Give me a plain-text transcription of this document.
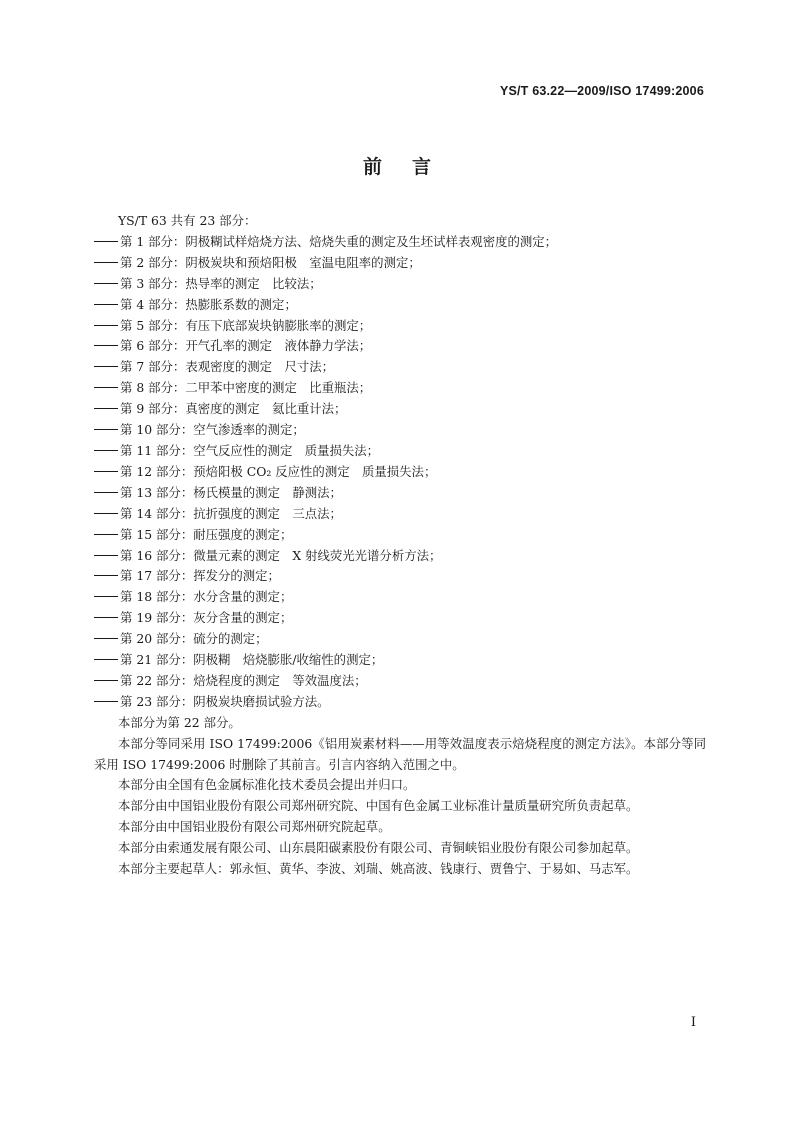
YS/T 63.22—2009/ISO 17499:2006
前言
YS/T 63 共有 23 部分：
第 1 部分：阴极糊试样焙烧方法、焙烧失重的测定及生坯试样表观密度的测定；
第 2 部分：阴极炭块和预焙阳极　室温电阻率的测定；
第 3 部分：热导率的测定　比较法；
第 4 部分：热膨胀系数的测定；
第 5 部分：有压下底部炭块钠膨胀率的测定；
第 6 部分：开气孔率的测定　液体静力学法；
第 7 部分：表观密度的测定　尺寸法；
第 8 部分：二甲苯中密度的测定　比重瓶法；
第 9 部分：真密度的测定　氦比重计法；
第 10 部分：空气渗透率的测定；
第 11 部分：空气反应性的测定　质量损失法；
第 12 部分：预焙阳极 CO₂ 反应性的测定　质量损失法；
第 13 部分：杨氏模量的测定　静测法；
第 14 部分：抗折强度的测定　三点法；
第 15 部分：耐压强度的测定；
第 16 部分：微量元素的测定　X 射线荧光光谱分析方法；
第 17 部分：挥发分的测定；
第 18 部分：水分含量的测定；
第 19 部分：灰分含量的测定；
第 20 部分：硫分的测定；
第 21 部分：阴极糊　焙烧膨胀/收缩性的测定；
第 22 部分：焙烧程度的测定　等效温度法；
第 23 部分：阴极炭块磨损试验方法。
本部分为第 22 部分。
本部分等同采用 ISO 17499:2006《铝用炭素材料——用等效温度表示焙烧程度的测定方法》。本部分等同采用 ISO 17499:2006 时删除了其前言。引言内容纳入范围之中。
本部分由全国有色金属标准化技术委员会提出并归口。
本部分由中国铝业股份有限公司郑州研究院、中国有色金属工业标准计量质量研究所负责起草。
本部分由中国铝业股份有限公司郑州研究院起草。
本部分由索通发展有限公司、山东晨阳碳素股份有限公司、青铜峡铝业股份有限公司参加起草。
本部分主要起草人：郭永恒、黄华、李波、刘瑞、姚高波、钱康行、贾鲁宁、于易如、马志军。
I
